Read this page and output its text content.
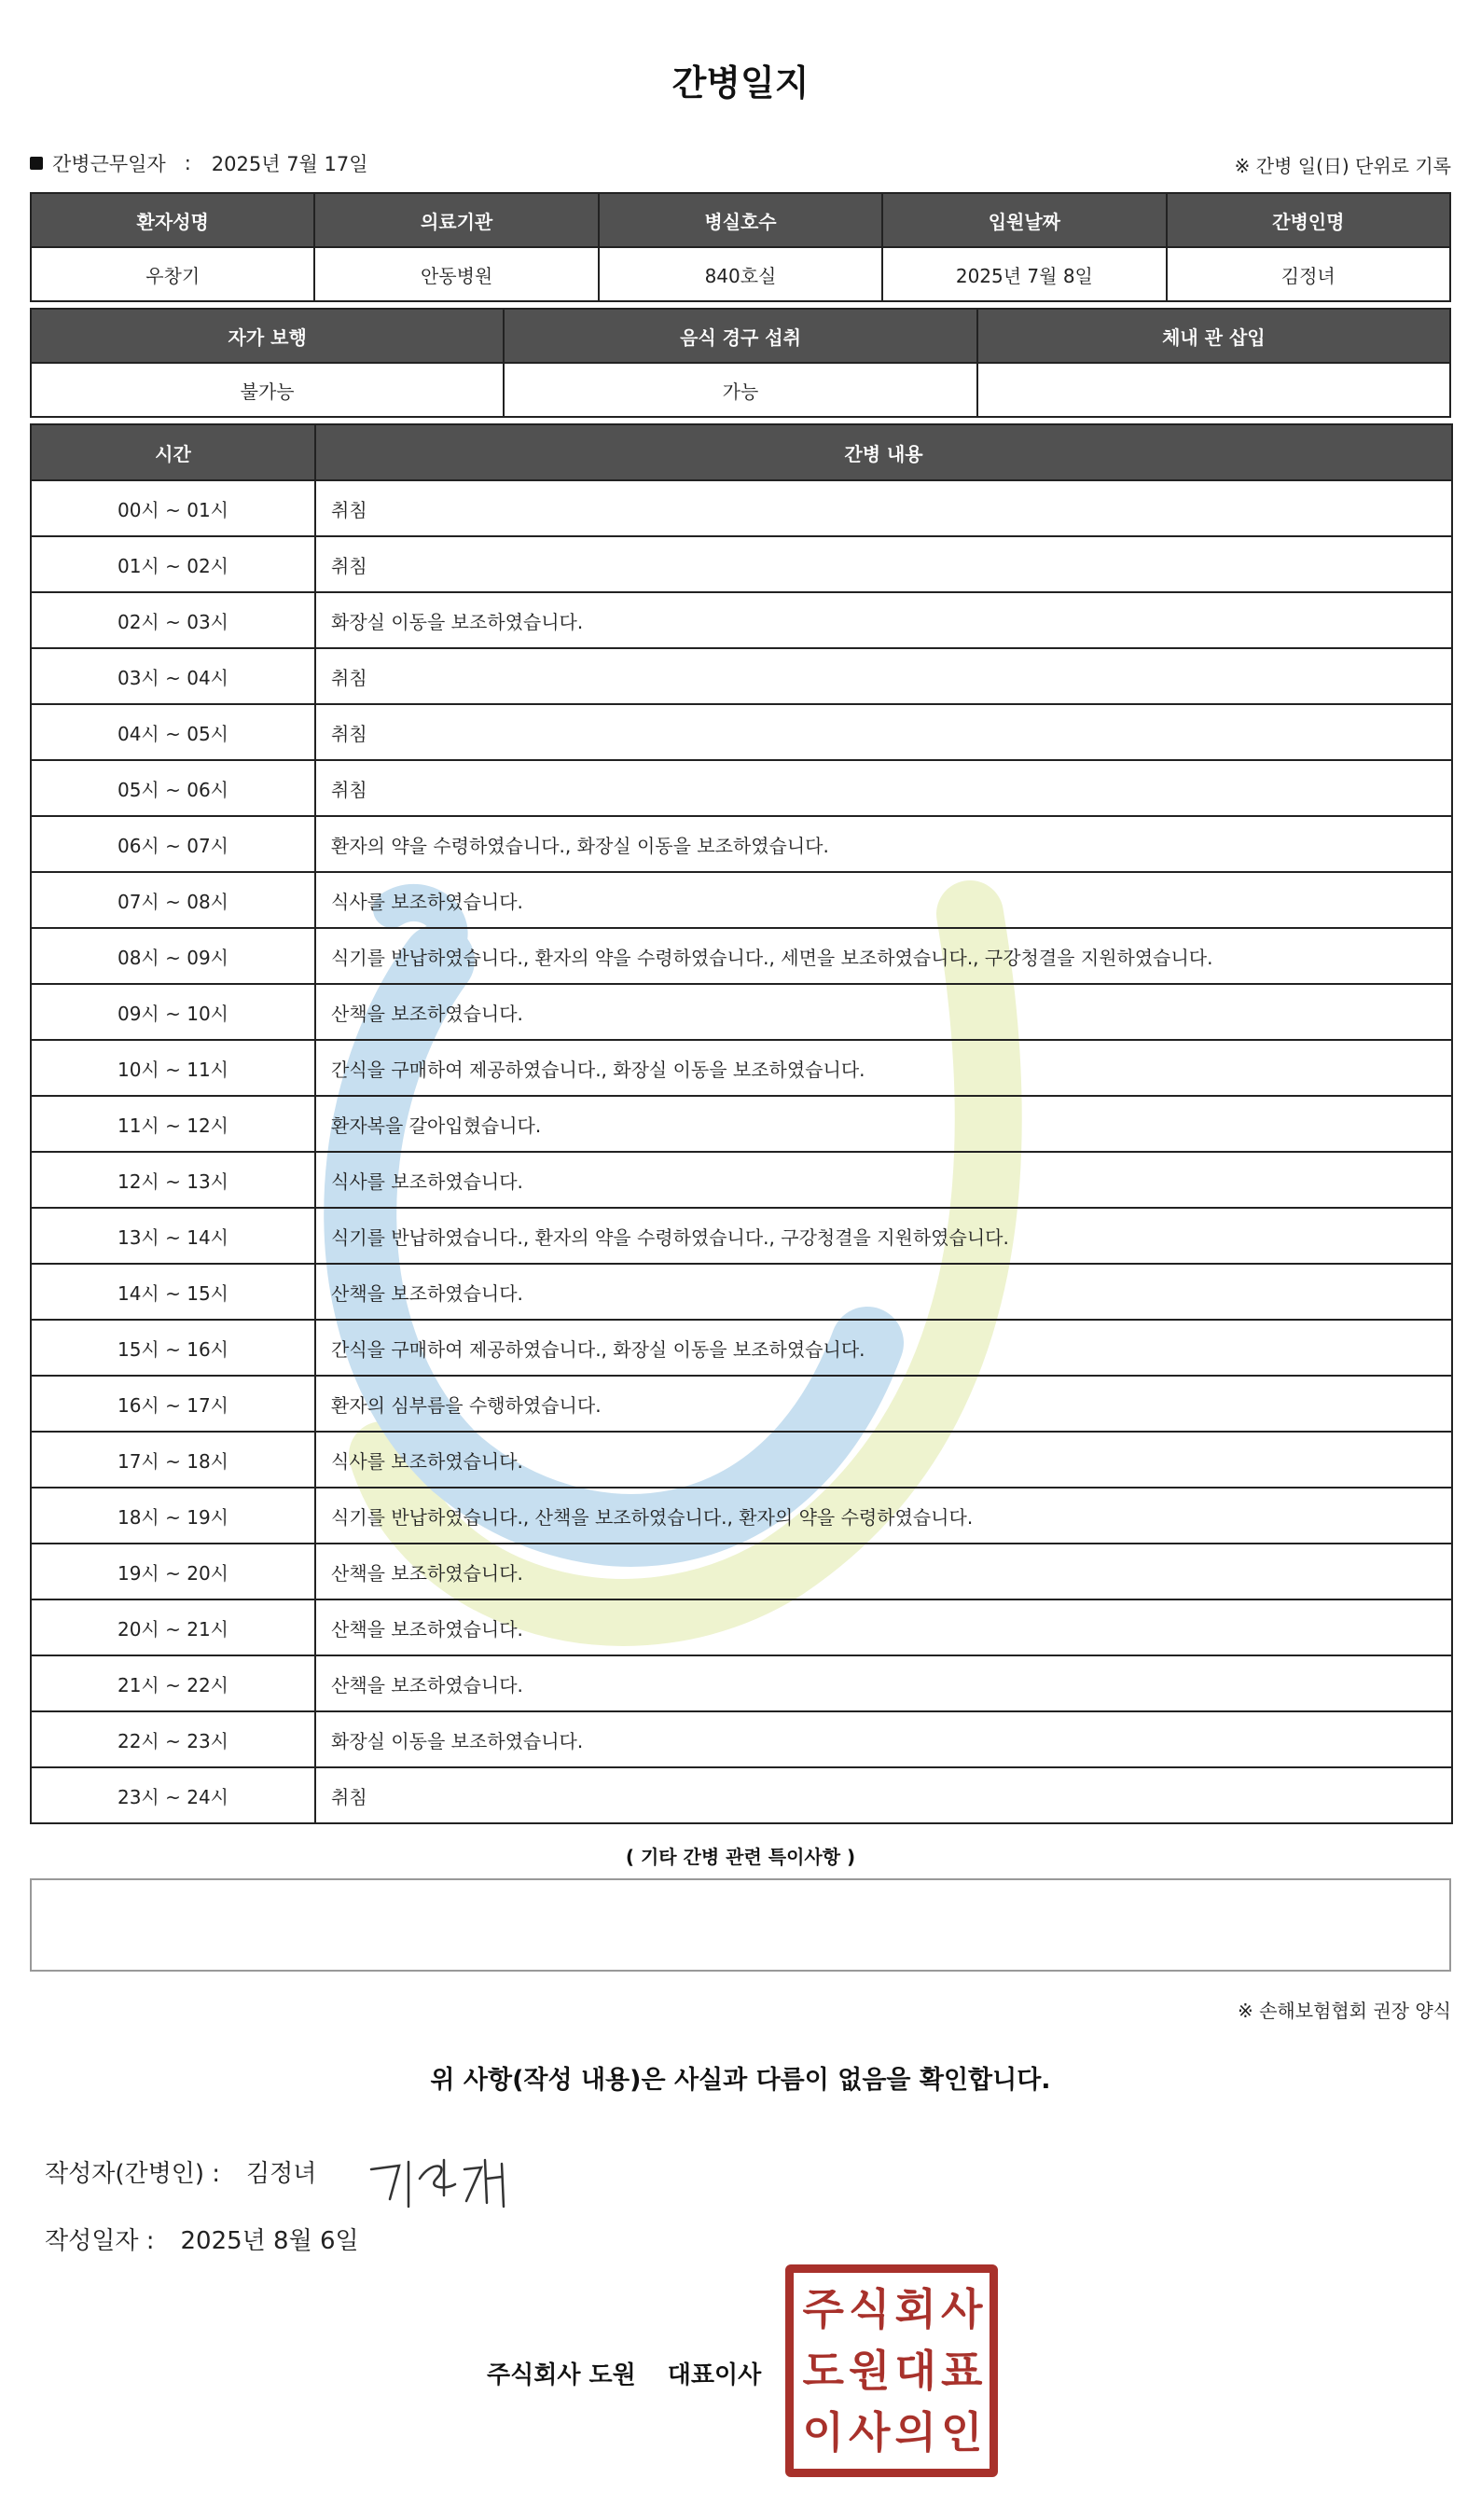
간병일지
간병근무일자 : 2025년 7월 17일	※ 간병 일(日) 단위로 기록
환자성명	의료기관	병실호수	입원날짜	간병인명
우창기	안동병원	840호실	2025년 7월 8일	김정녀
자가 보행	음식 경구 섭취	체내 관 삽입
불가능	가능	
시간	간병 내용
00시 ~ 01시	취침
01시 ~ 02시	취침
02시 ~ 03시	화장실 이동을 보조하였습니다.
03시 ~ 04시	취침
04시 ~ 05시	취침
05시 ~ 06시	취침
06시 ~ 07시	환자의 약을 수령하였습니다., 화장실 이동을 보조하였습니다.
07시 ~ 08시	식사를 보조하였습니다.
08시 ~ 09시	식기를 반납하였습니다., 환자의 약을 수령하였습니다., 세면을 보조하였습니다., 구강청결을 지원하였습니다.
09시 ~ 10시	산책을 보조하였습니다.
10시 ~ 11시	간식을 구매하여 제공하였습니다., 화장실 이동을 보조하였습니다.
11시 ~ 12시	환자복을 갈아입혔습니다.
12시 ~ 13시	식사를 보조하였습니다.
13시 ~ 14시	식기를 반납하였습니다., 환자의 약을 수령하였습니다., 구강청결을 지원하였습니다.
14시 ~ 15시	산책을 보조하였습니다.
15시 ~ 16시	간식을 구매하여 제공하였습니다., 화장실 이동을 보조하였습니다.
16시 ~ 17시	환자의 심부름을 수행하였습니다.
17시 ~ 18시	식사를 보조하였습니다.
18시 ~ 19시	식기를 반납하였습니다., 산책을 보조하였습니다., 환자의 약을 수령하였습니다.
19시 ~ 20시	산책을 보조하였습니다.
20시 ~ 21시	산책을 보조하였습니다.
21시 ~ 22시	산책을 보조하였습니다.
22시 ~ 23시	화장실 이동을 보조하였습니다.
23시 ~ 24시	취침
( 기타 간병 관련 특이사항 )
※ 손해보험협회 권장 양식
위 사항(작성 내용)은 사실과 다름이 없음을 확인합니다.
작성자(간병인) : 김정녀
작성일자 : 2025년 8월 6일
주식회사 도원 대표이사
주 식 회 사
도 원 대 표
이 사 의 인
